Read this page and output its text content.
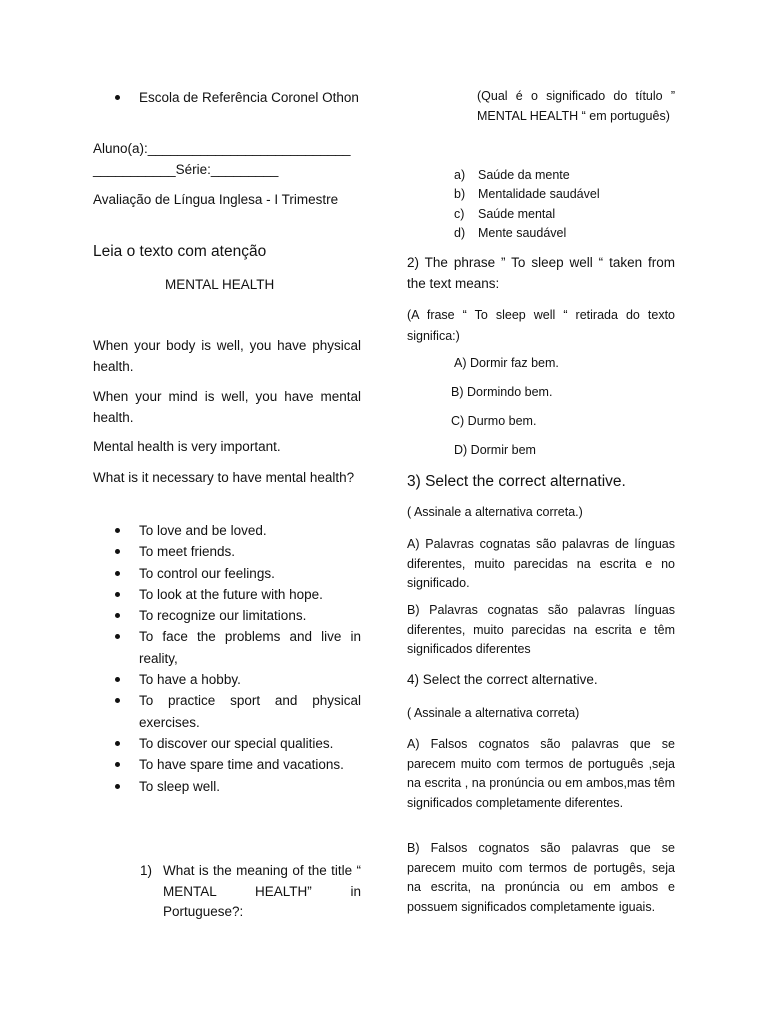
Escola de Referência Coronel Othon

Aluno(a):___________________________

___________Série:_________

Avaliação de Língua Inglesa - I Trimestre

Leia o texto com atenção

MENTAL HEALTH

When your body is well, you have physical health.

When your mind is well, you have mental health.

Mental health is very important.

What is it necessary to have mental health?

To love and be loved.
To meet friends.
To control our feelings.
To look at the future with hope.
To recognize our limitations.
To face the problems and live in reality,
To have a hobby.
To practice sport and physical exercises.
To discover our special qualities.
To have spare time and vacations.
To sleep well.
1) What is the meaning of the title “ MENTAL HEALTH” in Portuguese?:

(Qual é o significado do título ” MENTAL HEALTH “ em português)

a) Saúde da mente
b) Mentalidade saudável
c) Saúde mental
d) Mente saudável

2) The phrase ” To sleep well “ taken from the text means:

(A frase “ To sleep well “ retirada do texto significa:)

A) Dormir faz bem.

B) Dormindo bem.

C) Durmo bem.

D) Dormir bem

3) Select the correct alternative.

( Assinale a alternativa correta.)

A) Palavras cognatas são palavras de línguas diferentes, muito parecidas na escrita e no significado.

B) Palavras cognatas são palavras línguas diferentes, muito parecidas na escrita e têm significados diferentes

4) Select the correct alternative.

( Assinale a alternativa correta)

A) Falsos cognatos são palavras que se parecem muito com termos de português ,seja na escrita , na pronúncia ou em ambos,mas têm significados completamente diferentes.

B) Falsos cognatos são palavras que se parecem muito com termos de portugês, seja na escrita, na pronúncia ou em ambos e possuem significados completamente iguais.
